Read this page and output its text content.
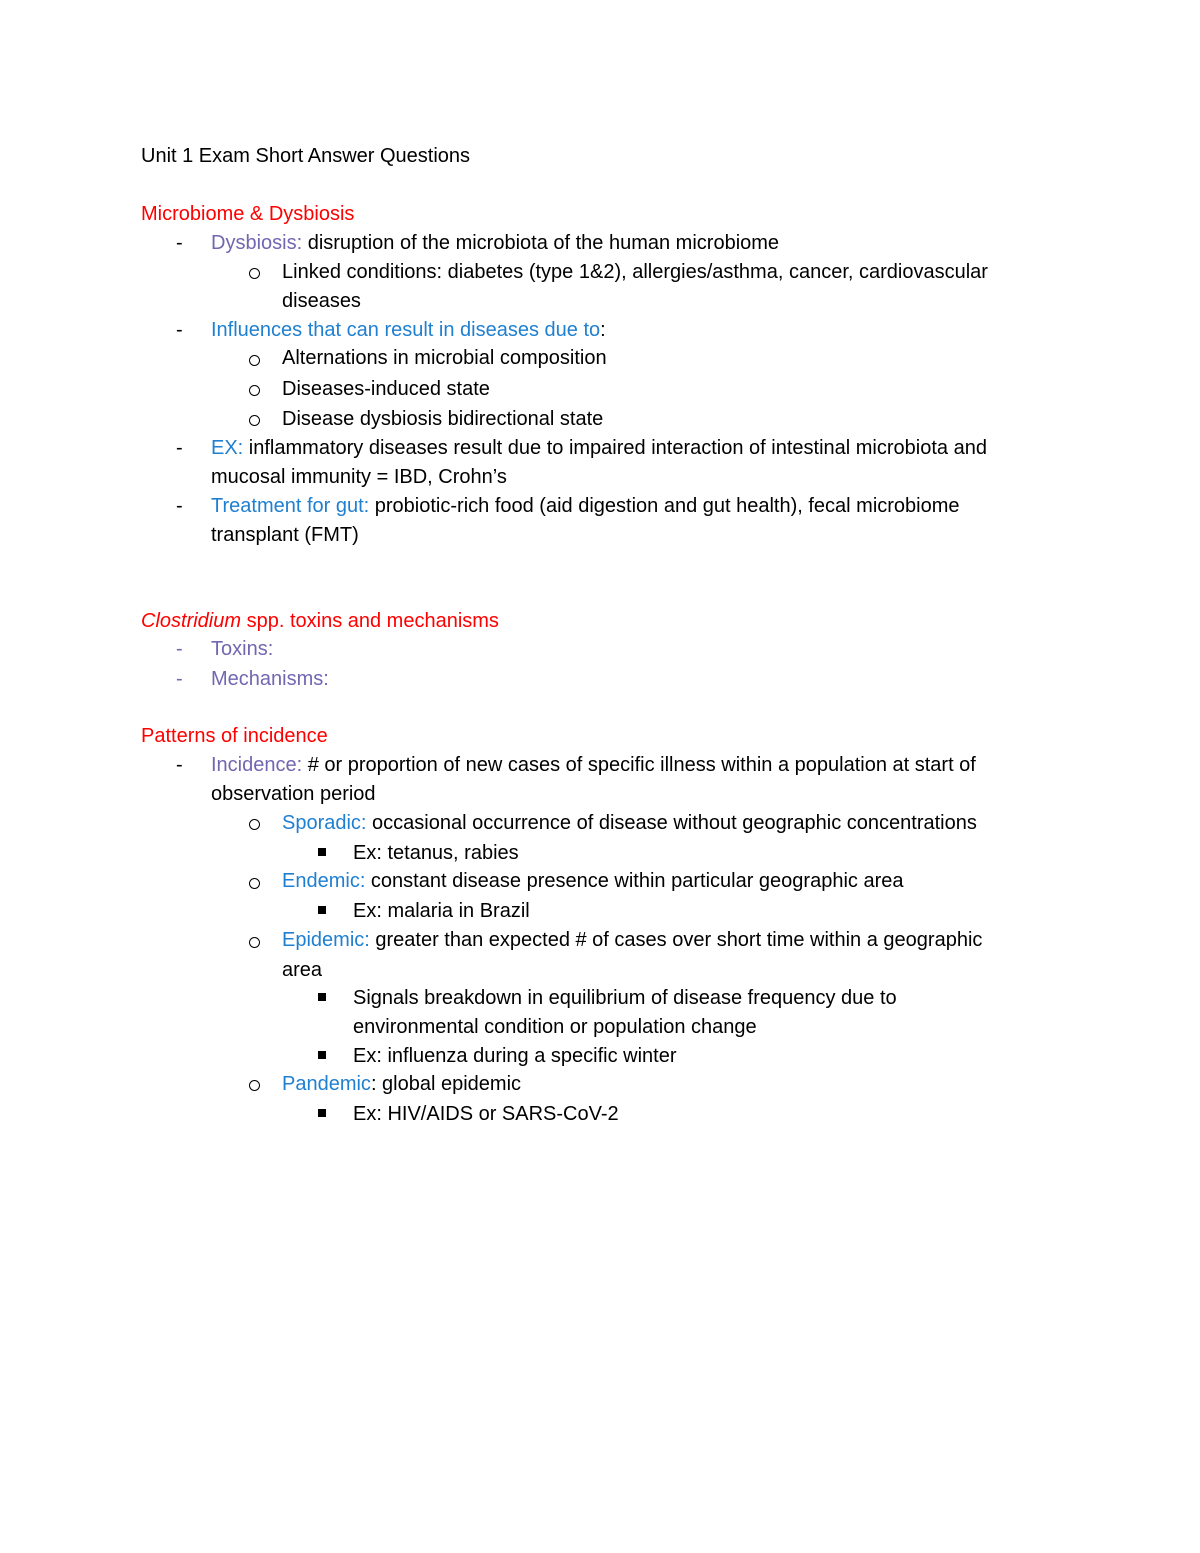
Unit 1 Exam Short Answer Questions
Microbiome & Dysbiosis
- Dysbiosis: disruption of the microbiota of the human microbiome
Linked conditions: diabetes (type 1&2), allergies/asthma, cancer, cardiovascular
diseases
- Influences that can result in diseases due to:
Alternations in microbial composition
Diseases-induced state
Disease dysbiosis bidirectional state
- EX: inflammatory diseases result due to impaired interaction of intestinal microbiota and
mucosal immunity = IBD, Crohn’s
- Treatment for gut: probiotic-rich food (aid digestion and gut health), fecal microbiome
transplant (FMT)
Clostridium spp. toxins and mechanisms
- Toxins:
- Mechanisms:
Patterns of incidence
- Incidence: # or proportion of new cases of specific illness within a population at start of
observation period
Sporadic: occasional occurrence of disease without geographic concentrations
Ex: tetanus, rabies
Endemic: constant disease presence within particular geographic area
Ex: malaria in Brazil
Epidemic: greater than expected # of cases over short time within a geographic
area
Signals breakdown in equilibrium of disease frequency due to
environmental condition or population change
Ex: influenza during a specific winter
Pandemic: global epidemic
Ex: HIV/AIDS or SARS-CoV-2
